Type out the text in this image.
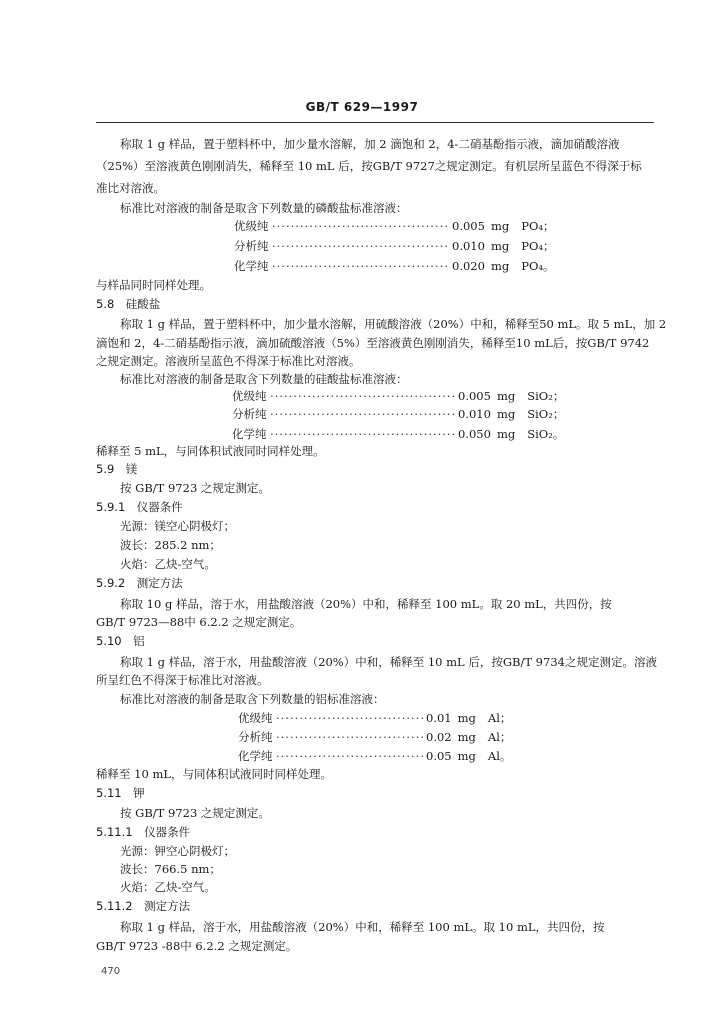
GB/T 629—1997
称取 1 g 样品，置于塑料杯中，加少量水溶解，加 2 滴饱和 2，4-二硝基酚指示液，滴加硝酸溶液
（25%）至溶液黄色刚刚消失，稀释至 10 mL 后，按GB/T 9727之规定测定。有机层所呈蓝色不得深于标
准比对溶液。
标准比对溶液的制备是取含下列数量的磷酸盐标准溶液：
优级纯 ······································ 0.005 mg PO₄；
分析纯 ······································ 0.010 mg PO₄；
化学纯 ······································ 0.020 mg PO₄。
与样品同时同样处理。
5.8　硅酸盐
称取 1 g 样品，置于塑料杯中，加少量水溶解，用硫酸溶液（20%）中和，稀释至50 mL。取 5 mL，加 2
滴饱和 2，4-二硝基酚指示液，滴加硫酸溶液（5%）至溶液黄色刚刚消失，稀释至10 mL后，按GB/T 9742
之规定测定。溶液所呈蓝色不得深于标准比对溶液。
标准比对溶液的制备是取含下列数量的硅酸盐标准溶液：
优级纯 ········································ 0.005 mg SiO₂；
分析纯 ········································ 0.010 mg SiO₂；
化学纯 ········································ 0.050 mg SiO₂。
稀释至 5 mL，与同体积试液同时同样处理。
5.9　镁
按 GB/T 9723 之规定测定。
5.9.1　仪器条件
光源：镁空心阴极灯；
波长：285.2 nm；
火焰：乙炔-空气。
5.9.2　测定方法
称取 10 g 样品，溶于水，用盐酸溶液（20%）中和，稀释至 100 mL。取 20 mL，共四份，按
GB/T 9723—88中 6.2.2 之规定测定。
5.10　铝
称取 1 g 样品，溶于水，用盐酸溶液（20%）中和，稀释至 10 mL 后，按GB/T 9734之规定测定。溶液
所呈红色不得深于标准比对溶液。
标准比对溶液的制备是取含下列数量的铝标准溶液：
优级纯 ································0.01 mg Al；
分析纯 ································0.02 mg Al；
化学纯 ································0.05 mg Al。
稀释至 10 mL，与同体积试液同时同样处理。
5.11　钾
按 GB/T 9723 之规定测定。
5.11.1　仪器条件
光源：钾空心阴极灯；
波长：766.5 nm；
火焰：乙炔-空气。
5.11.2　测定方法
称取 1 g 样品，溶于水，用盐酸溶液（20%）中和，稀释至 100 mL。取 10 mL，共四份，按
GB/T 9723 -88中 6.2.2 之规定测定。
470
